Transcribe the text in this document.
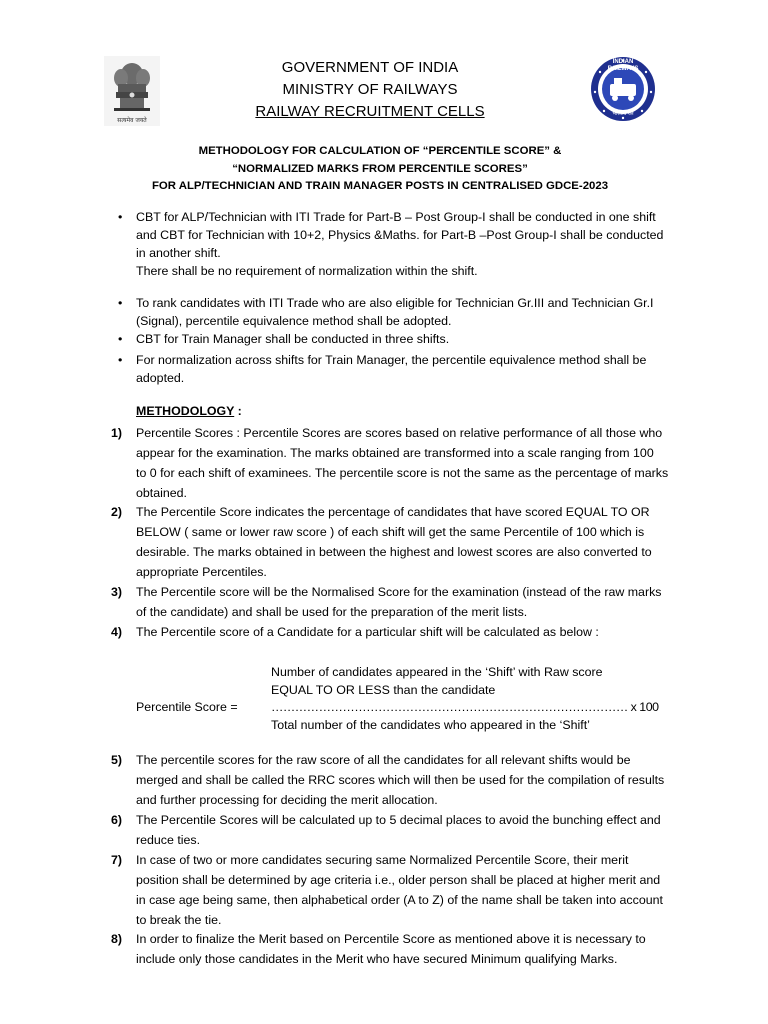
सत्यमेव जयते
INDIAN RAILWAYS
भारतीय रेल
GOVERNMENT OF INDIA
MINISTRY OF RAILWAYS
RAILWAY RECRUITMENT CELLS
METHODOLOGY FOR CALCULATION OF “PERCENTILE SCORE” &
“NORMALIZED MARKS FROM PERCENTILE SCORES”
FOR ALP/TECHNICIAN AND TRAIN MANAGER POSTS IN CENTRALISED GDCE-2023
• CBT for ALP/Technician with ITI Trade for Part-B – Post Group-I shall be conducted in one shift
and CBT for Technician with 10+2, Physics &Maths. for Part-B –Post Group-I shall be conducted
in another shift.
There shall be no requirement of normalization within the shift.
• To rank candidates with ITI Trade who are also eligible for Technician Gr.III and Technician Gr.I
(Signal), percentile equivalence method shall be adopted.
• CBT for Train Manager shall be conducted in three shifts.
• For normalization across shifts for Train Manager, the percentile equivalence method shall be
adopted.
METHODOLOGY :
1) Percentile Scores : Percentile Scores are scores based on relative performance of all those who
appear for the examination. The marks obtained are transformed into a scale ranging from 100
to 0 for each shift of examinees. The percentile score is not the same as the percentage of marks
obtained.
2) The Percentile Score indicates the percentage of candidates that have scored EQUAL TO OR
BELOW ( same or lower raw score ) of each shift will get the same Percentile of 100 which is
desirable. The marks obtained in between the highest and lowest scores are also converted to
appropriate Percentiles.
3) The Percentile score will be the Normalised Score for the examination (instead of the raw marks
of the candidate) and shall be used for the preparation of the merit lists.
4) The Percentile score of a Candidate for a particular shift will be calculated as below :
Number of candidates appeared in the ‘Shift’ with Raw score
EQUAL TO OR LESS than the candidate
Percentile Score =	……………………………………………………………………………… x 100
Total number of the candidates who appeared in the ‘Shift’
5) The percentile scores for the raw score of all the candidates for all relevant shifts would be
merged and shall be called the RRC scores which will then be used for the compilation of results
and further processing for deciding the merit allocation.
6) The Percentile Scores will be calculated up to 5 decimal places to avoid the bunching effect and
reduce ties.
7) In case of two or more candidates securing same Normalized Percentile Score, their merit
position shall be determined by age criteria i.e., older person shall be placed at higher merit and
in case age being same, then alphabetical order (A to Z) of the name shall be taken into account
to break the tie.
8) In order to finalize the Merit based on Percentile Score as mentioned above it is necessary to
include only those candidates in the Merit who have secured Minimum qualifying Marks.
